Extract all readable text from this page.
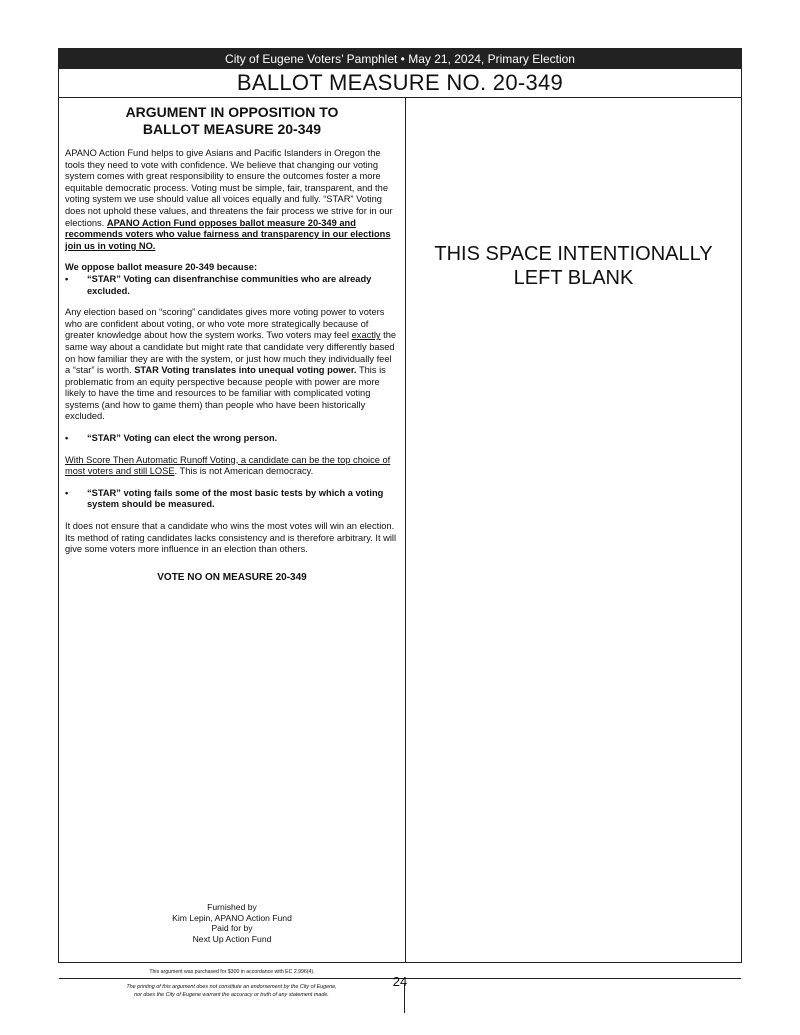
City of Eugene Voters’ Pamphlet • May 21, 2024, Primary Election
BALLOT MEASURE NO. 20-349
ARGUMENT IN OPPOSITION TO
BALLOT MEASURE 20-349

APANO Action Fund helps to give Asians and Pacific Islanders in Oregon the tools they need to vote with confidence. We believe that changing our voting system comes with great responsibility to ensure the outcomes foster a more equitable democratic process. Voting must be simple, fair, transparent, and the voting system we use should value all voices equally and fully. “STAR” Voting does not uphold these values, and threatens the fair process we strive for in our elections. APANO Action Fund opposes ballot measure 20-349 and recommends voters who value fairness and transparency in our elections join us in voting NO.

We oppose ballot measure 20-349 because:

•	“STAR” Voting can disenfranchise communities who are already excluded.

Any election based on “scoring” candidates gives more voting power to voters who are confident about voting, or who vote more strategically because of greater knowledge about how the system works. Two voters may feel exactly the same way about a candidate but might rate that candidate very differently based on how familiar they are with the system, or just how much they individually feel a “star” is worth. STAR Voting translates into unequal voting power. This is problematic from an equity perspective because people with power are more likely to have the time and resources to be familiar with complicated voting systems (and how to game them) than people who have been historically excluded.

•	“STAR” Voting can elect the wrong person.

With Score Then Automatic Runoff Voting, a candidate can be the top choice of most voters and still LOSE. This is not American democracy.

•	“STAR” voting fails some of the most basic tests by which a voting system should be measured.

It does not ensure that a candidate who wins the most votes will win an election. Its method of rating candidates lacks consistency and is therefore arbitrary. It will give some voters more influence in an election than others.

VOTE NO ON MEASURE 20-349
Furnished by
Kim Lepin, APANO Action Fund
Paid for by
Next Up Action Fund
This argument was purchased for $300 in accordance with EC 2.996(4).
THIS SPACE INTENTIONALLY
LEFT BLANK
The printing of this argument does not constitute an endorsement by the City of Eugene,
nor does the City of Eugene warrant the accuracy or truth of any statement made.
24
